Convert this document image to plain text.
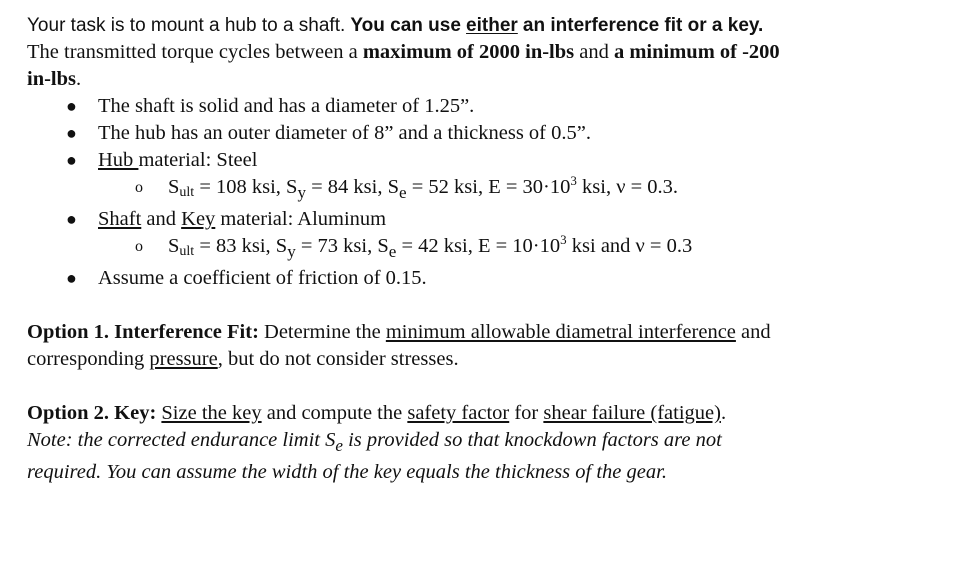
Your task is to mount a hub to a shaft. You can use either an interference fit or a key.

The transmitted torque cycles between a maximum of 2000 in-lbs and a minimum of -200

in-lbs.

● The shaft is solid and has a diameter of 1.25”.
● The hub has an outer diameter of 8” and a thickness of 0.5”.
● Hub material: Steel
o Sult = 108 ksi, $S_y = 84$ ksi, $S_e = 52$ ksi, $E = 30\cdot 10^3$ ksi, ν = 0.3.
● Shaft and Key material: Aluminum
o Sult = 83 ksi, $S_y = 73$ ksi, $S_e = 42$ ksi, $E = 10\cdot 10^3$ ksi and ν = 0.3
● Assume a coefficient of friction of 0.15.

Option 1. Interference Fit: Determine the minimum allowable diametral interference and

corresponding pressure, but do not consider stresses.

Option 2. Key: Size the key and compute the safety factor for shear failure (fatigue).

Note: the corrected endurance limit $S_e$ is provided so that knockdown factors are not

required. You can assume the width of the key equals the thickness of the gear.
